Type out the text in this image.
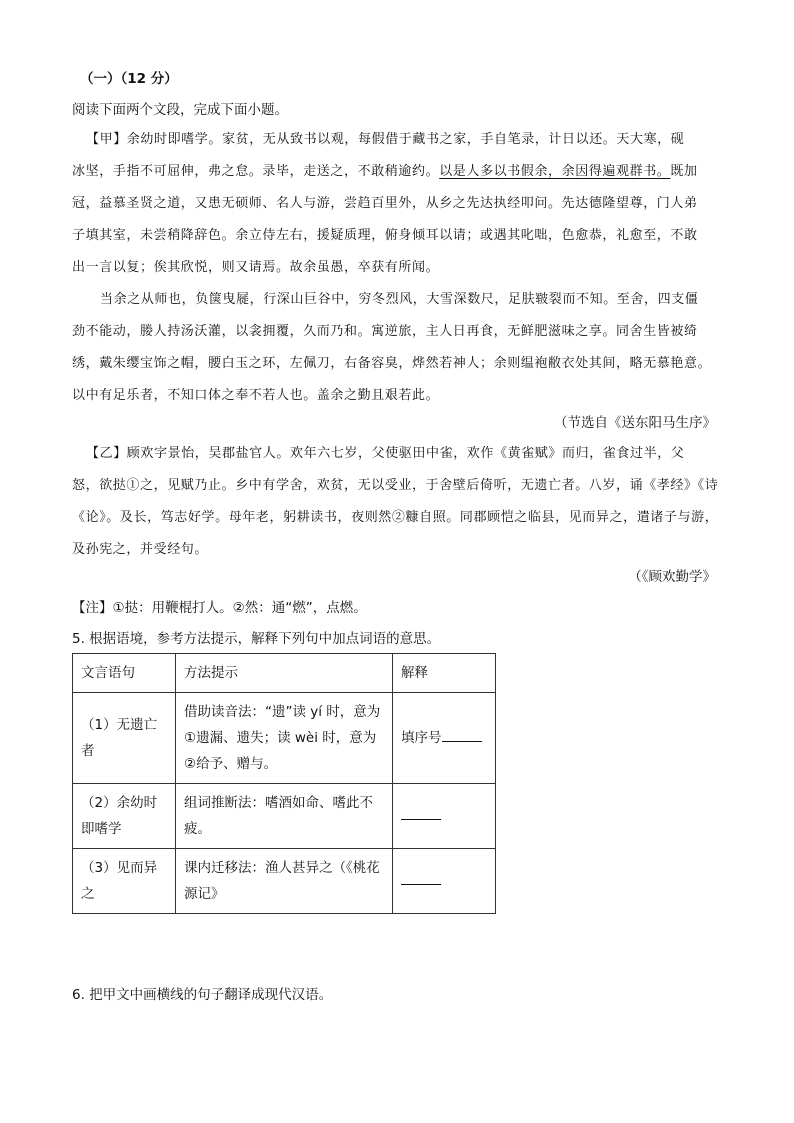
（一）（12 分）
阅读下面两个文段，完成下面小题。
【甲】余幼时即嗜学。家贫，无从致书以观，每假借于藏书之家，手自笔录，计日以还。天大寒，砚
冰坚，手指不可屈伸，弗之怠。录毕，走送之，不敢稍逾约。以是人多以书假余，余因得遍观群书。既加
冠，益慕圣贤之道，又患无硕师、名人与游，尝趋百里外，从乡之先达执经叩问。先达德隆望尊，门人弟
子填其室，未尝稍降辞色。余立侍左右，援疑质理，俯身倾耳以请；或遇其叱咄，色愈恭，礼愈至，不敢
出一言以复；俟其欣悦，则又请焉。故余虽愚，卒获有所闻。
当余之从师也，负箧曳屣，行深山巨谷中，穷冬烈风，大雪深数尺，足肤皲裂而不知。至舍，四支僵
劲不能动，媵人持汤沃灌，以衾拥覆，久而乃和。寓逆旅，主人日再食，无鲜肥滋味之享。同舍生皆被绮
绣，戴朱缨宝饰之帽，腰白玉之环，左佩刀，右备容臭，烨然若神人；余则缊袍敝衣处其间，略无慕艳意。
以中有足乐者，不知口体之奉不若人也。盖余之勤且艰若此。
（节选自《送东阳马生序》
【乙】顾欢字景怡，吴郡盐官人。欢年六七岁，父使驱田中雀，欢作《黄雀赋》而归，雀食过半，父
怒，欲挞①之，见赋乃止。乡中有学舍，欢贫，无以受业，于舍壁后倚听，无遗亡者。八岁，诵《孝经》《诗
《论》。及长，笃志好学。母年老，躬耕读书，夜则然②糠自照。同郡顾恺之临县，见而异之，遣诸子与游，
及孙宪之，并受经句。
（《顾欢勤学》
【注】①挞：用鞭棍打人。②然：通“燃”，点燃。
5. 根据语境，参考方法提示，解释下列句中加点词语的意思。
文言语句	方法提示	解释
（1）无遗亡者	借助读音法：“遗”读 yí 时，意为①遗漏、遗失；读 wèi 时，意为②给予、赠与。	填序号
（2）余幼时即嗜学	组词推断法：嗜酒如命、嗜此不疲。	
（3）见而异之	课内迁移法：渔人甚异之（《桃花源记》	
6. 把甲文中画横线的句子翻译成现代汉语。
